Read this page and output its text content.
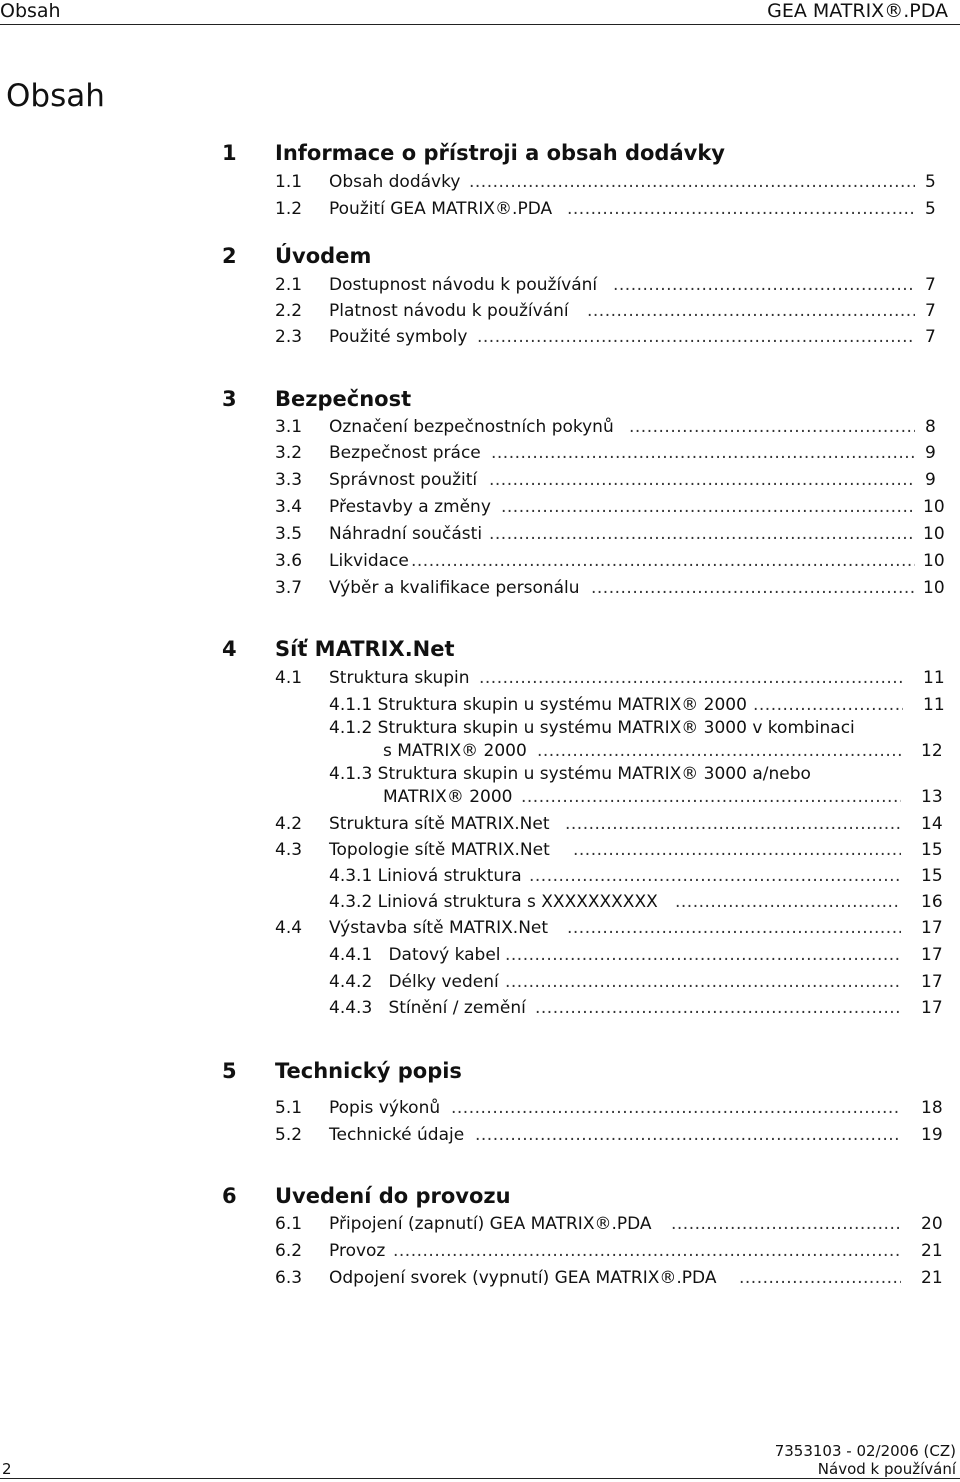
Obsah	GEA MATRIX®.PDA
Obsah
1 Informace o přístroji a obsah dodávky
1.1 Obsah dodávky .....	5
1.2 Použití GEA MATRIX®.PDA .....	5
2 Úvodem
2.1 Dostupnost návodu k používání .....	7
2.2 Platnost návodu k používání .....	7
2.3 Použité symboly .....	7
3 Bezpečnost
3.1 Označení bezpečnostních pokynů .....	8
3.2 Bezpečnost práce .....	9
3.3 Správnost použití .....	9
3.4 Přestavby a změny .....	10
3.5 Náhradní součásti .....	10
3.6 Likvidace .....	10
3.7 Výběr a kvalifikace personálu .....	10
4 Síť MATRIX.Net
4.1 Struktura skupin .....	11
4.1.1 Struktura skupin u systému MATRIX® 2000 .....	11
4.1.2 Struktura skupin u systému MATRIX® 3000 v kombinaci
s MATRIX® 2000 .....	12
4.1.3 Struktura skupin u systému MATRIX® 3000 a/nebo
MATRIX® 2000 .....	13
4.2 Struktura sítě MATRIX.Net .....	14
4.3 Topologie sítě MATRIX.Net .....	15
4.3.1 Liniová struktura .....	15
4.3.2 Liniová struktura s XXXXXXXXXX .....	16
4.4 Výstavba sítě MATRIX.Net .....	17
4.4.1   Datový kabel .....	17
4.4.2   Délky vedení .....	17
4.4.3   Stínění / zemění .....	17
5 Technický popis
5.1 Popis výkonů .....	18
5.2 Technické údaje .....	19
6 Uvedení do provozu
6.1 Připojení (zapnutí) GEA MATRIX®.PDA .....	20
6.2 Provoz .....	21
6.3 Odpojení svorek (vypnutí) GEA MATRIX®.PDA .....	21
2
7353103 - 02/2006 (CZ)
Návod k používání
